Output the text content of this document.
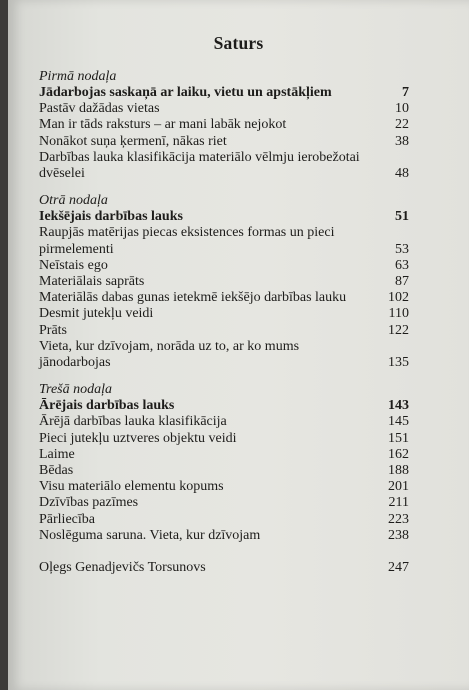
Saturs
Pirmā nodaļa
Jādarbojas saskaņā ar laiku, vietu un apstākļiem	7
Pastāv dažādas vietas	10
Man ir tāds raksturs – ar mani labāk nejokot	22
Nonākot suņa ķermenī, nākas riet	38
Darbības lauka klasifikācija materiālo vēlmju ierobežotai dvēselei	48
Otrā nodaļa
Iekšējais darbības lauks	51
Raupjās matērijas piecas eksistences formas un pieci pirmelementi	53
Neīstais ego	63
Materiālais saprāts	87
Materiālās dabas gunas ietekmē iekšējo darbības lauku	102
Desmit jutekļu veidi	110
Prāts	122
Vieta, kur dzīvojam, norāda uz to, ar ko mums jānodarbojas	135
Trešā nodaļa
Ārējais darbības lauks	143
Ārējā darbības lauka klasifikācija	145
Pieci jutekļu uztveres objektu veidi	151
Laime	162
Bēdas	188
Visu materiālo elementu kopums	201
Dzīvības pazīmes	211
Pārliecība	223
Noslēguma saruna. Vieta, kur dzīvojam	238
Oļegs Genadjevičs Torsunovs	247
